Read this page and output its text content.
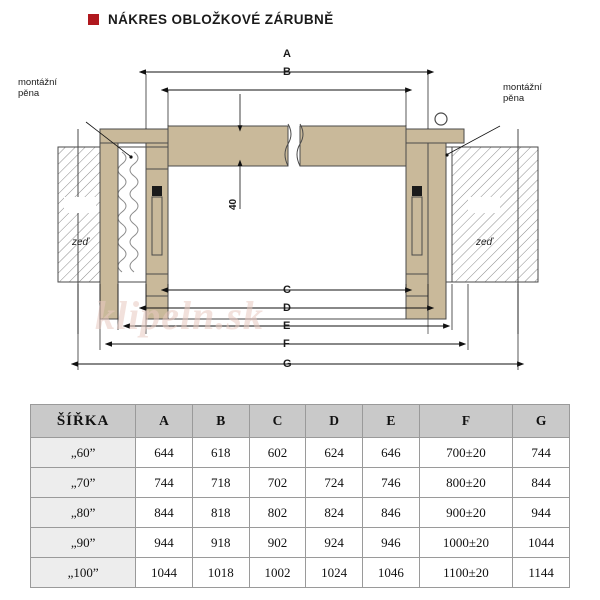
NÁKRES OBLOŽKOVÉ ZÁRUBNĚ
klipeln.sk
montážní
pěna
montážní
pěna
zeď	zeď
A
B
C
D
E
F
G
40
ŠÍŘKA	A	B	C	D	E	F	G
„60”	644	618	602	624	646	700±20	744
„70”	744	718	702	724	746	800±20	844
„80”	844	818	802	824	846	900±20	944
„90”	944	918	902	924	946	1000±20	1044
„100”	1044	1018	1002	1024	1046	1100±20	1144
